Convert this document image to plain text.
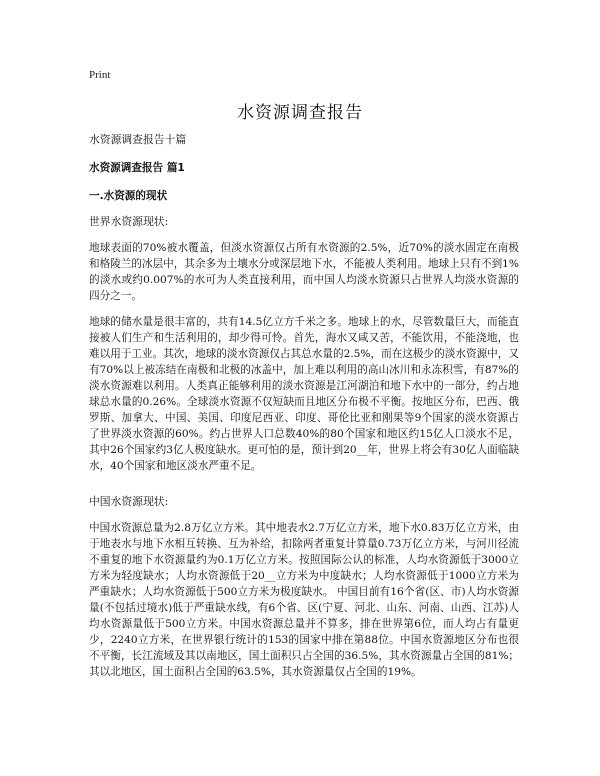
Print
水资源调查报告
水资源调查报告十篇
水资源调查报告 篇1
一.水资源的现状
世界水资源现状:
地球表面的70%被水覆盖，但淡水资源仅占所有水资源的2.5%，近70%的淡水固定在南极和格陵兰的冰层中，其余多为土壤水分或深层地下水，不能被人类利用。地球上只有不到1%的淡水或约0.007%的水可为人类直接利用，而中国人均淡水资源只占世界人均淡水资源的四分之一。
地球的储水量是很丰富的，共有14.5亿立方千米之多。地球上的水，尽管数量巨大，而能直接被人们生产和生活利用的，却少得可怜。首先，海水又咸又苦，不能饮用，不能浇地，也难以用于工业。其次，地球的淡水资源仅占其总水量的2.5%，而在这极少的淡水资源中，又有70%以上被冻结在南极和北极的冰盖中，加上难以利用的高山冰川和永冻积雪，有87%的淡水资源难以利用。人类真正能够利用的淡水资源是江河湖泊和地下水中的一部分，约占地球总水量的0.26%。全球淡水资源不仅短缺而且地区分布极不平衡。按地区分布，巴西、俄罗斯、加拿大、中国、美国、印度尼西亚、印度、哥伦比亚和刚果等9个国家的淡水资源占了世界淡水资源的60%。约占世界人口总数40%的80个国家和地区约15亿人口淡水不足，其中26个国家约3亿人极度缺水。更可怕的是，预计到20__年，世界上将会有30亿人面临缺水，40个国家和地区淡水严重不足。
中国水资源现状:
中国水资源总量为2.8万亿立方米。其中地表水2.7万亿立方米，地下水0.83万亿立方米，由于地表水与地下水相互转换、互为补给，扣除两者重复计算量0.73万亿立方米，与河川径流不重复的地下水资源量约为0.1万亿立方米。按照国际公认的标准，人均水资源低于3000立方米为轻度缺水；人均水资源低于20__立方米为中度缺水；人均水资源低于1000立方米为严重缺水；人均水资源低于500立方米为极度缺水。 中国目前有16个省(区、市)人均水资源量(不包括过境水)低于严重缺水线，有6个省、区(宁夏、河北、山东、河南、山西、江苏)人均水资源量低于500立方米。中国水资源总量并不算多，排在世界第6位，而人均占有量更少，2240立方米，在世界银行统计的153的国家中排在第88位。中国水资源地区分布也很不平衡，长江流域及其以南地区，国土面积只占全国的36.5%，其水资源量占全国的81%；其以北地区，国土面积占全国的63.5%，其水资源量仅占全国的19%。
